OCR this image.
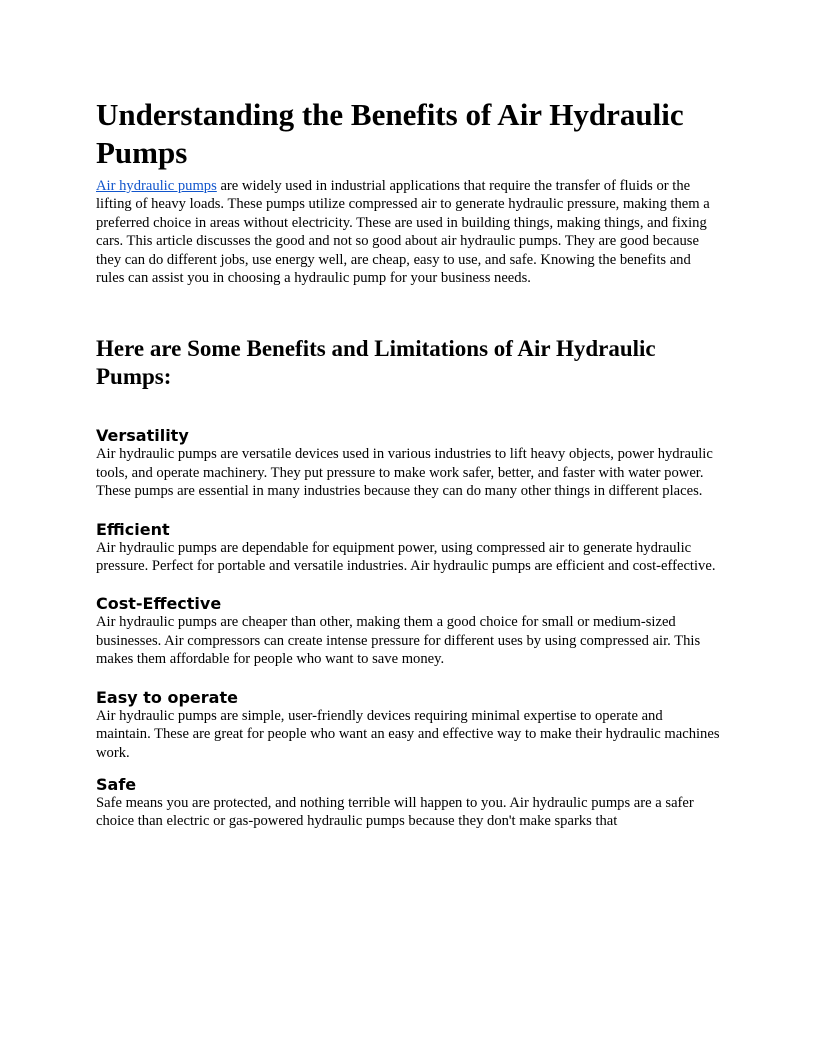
Understanding the Benefits of Air Hydraulic Pumps

Air hydraulic pumps are widely used in industrial applications that require the transfer of fluids or the lifting of heavy loads. These pumps utilize compressed air to generate hydraulic pressure, making them a preferred choice in areas without electricity. These are used in building things, making things, and fixing cars. This article discusses the good and not so good about air hydraulic pumps. They are good because they can do different jobs, use energy well, are cheap, easy to use, and safe. Knowing the benefits and rules can assist you in choosing a hydraulic pump for your business needs.

Here are Some Benefits and Limitations of Air Hydraulic Pumps:
Versatility

Air hydraulic pumps are versatile devices used in various industries to lift heavy objects, power hydraulic tools, and operate machinery. They put pressure to make work safer, better, and faster with water power. These pumps are essential in many industries because they can do many other things in different places.

Efficient

Air hydraulic pumps are dependable for equipment power, using compressed air to generate hydraulic pressure. Perfect for portable and versatile industries. Air hydraulic pumps are efficient and cost-effective.

Cost-Effective

Air hydraulic pumps are cheaper than other, making them a good choice for small or medium-sized businesses. Air compressors can create intense pressure for different uses by using compressed air. This makes them affordable for people who want to save money.

Easy to operate

Air hydraulic pumps are simple, user-friendly devices requiring minimal expertise to operate and maintain. These are great for people who want an easy and effective way to make their hydraulic machines work.

Safe

Safe means you are protected, and nothing terrible will happen to you. Air hydraulic pumps are a safer choice than electric or gas-powered hydraulic pumps because they don't make sparks that
